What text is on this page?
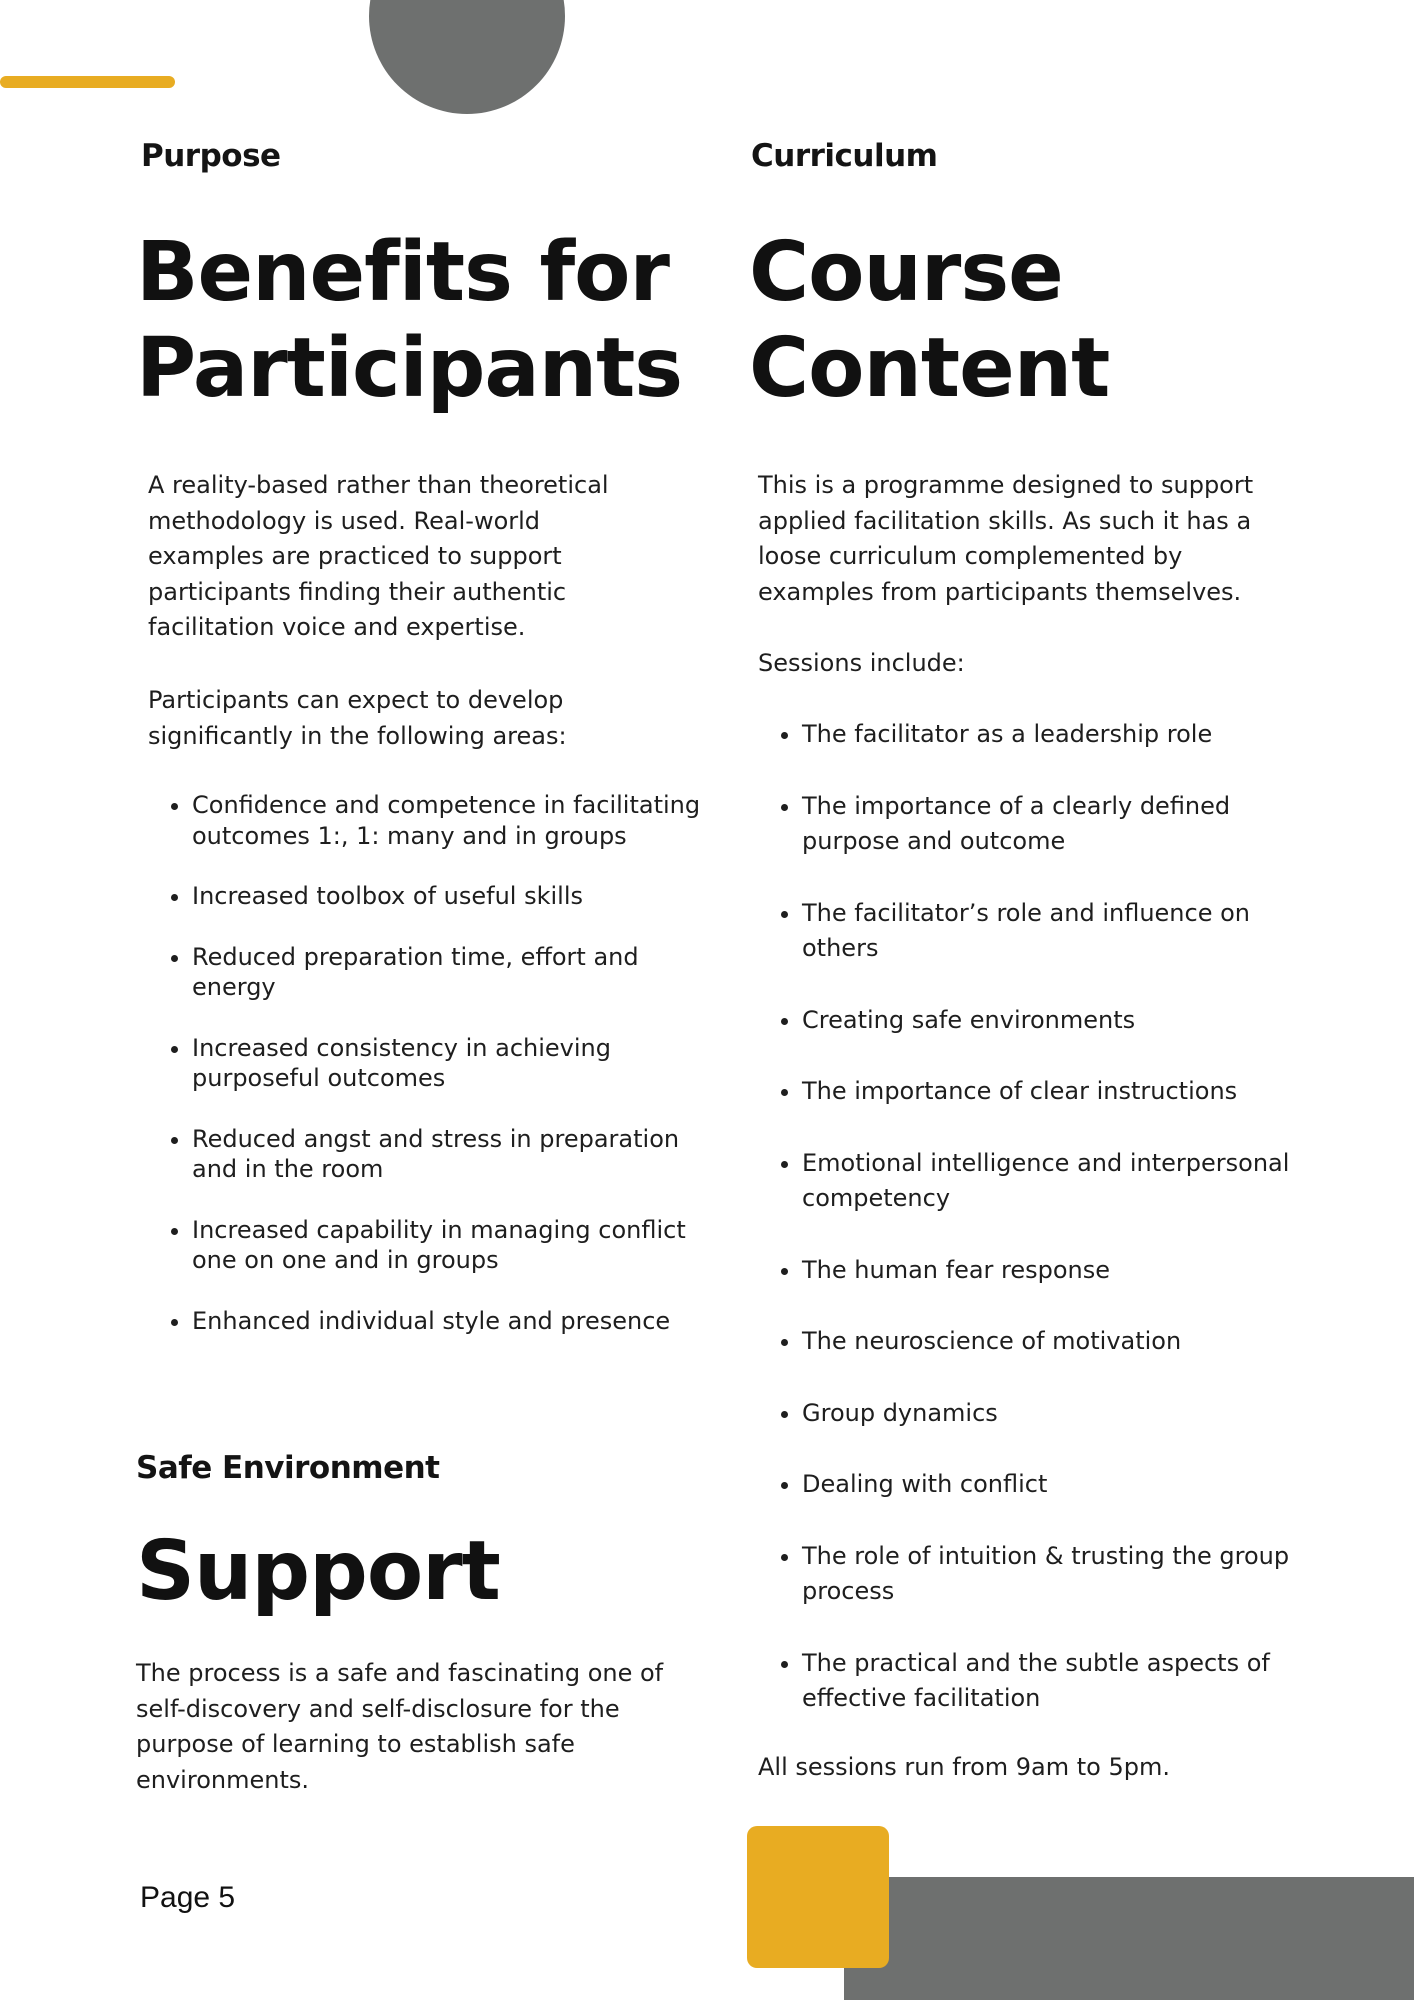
Purpose
Benefits for
Participants

A reality-based rather than theoretical methodology is used. Real-world examples are practiced to support participants finding their authentic facilitation voice and expertise.

Participants can expect to develop significantly in the following areas:

• Confidence and competence in facilitating outcomes 1:, 1: many and in groups
• Increased toolbox of useful skills
• Reduced preparation time, effort and energy
• Increased consistency in achieving purposeful outcomes
• Reduced angst and stress in preparation and in the room
• Increased capability in managing conflict one on one and in groups
• Enhanced individual style and presence
Safe Environment
Support

The process is a safe and fascinating one of self-discovery and self-disclosure for the purpose of learning to establish safe environments.

Curriculum
Course
Content

This is a programme designed to support applied facilitation skills. As such it has a loose curriculum complemented by examples from participants themselves.

Sessions include:

• The facilitator as a leadership role
• The importance of a clearly defined purpose and outcome
• The facilitator’s role and influence on others
• Creating safe environments
• The importance of clear instructions
• Emotional intelligence and interpersonal competency
• The human fear response
• The neuroscience of motivation
• Group dynamics
• Dealing with conflict
• The role of intuition & trusting the group process
• The practical and the subtle aspects of effective facilitation

All sessions run from 9am to 5pm.

Page 5
